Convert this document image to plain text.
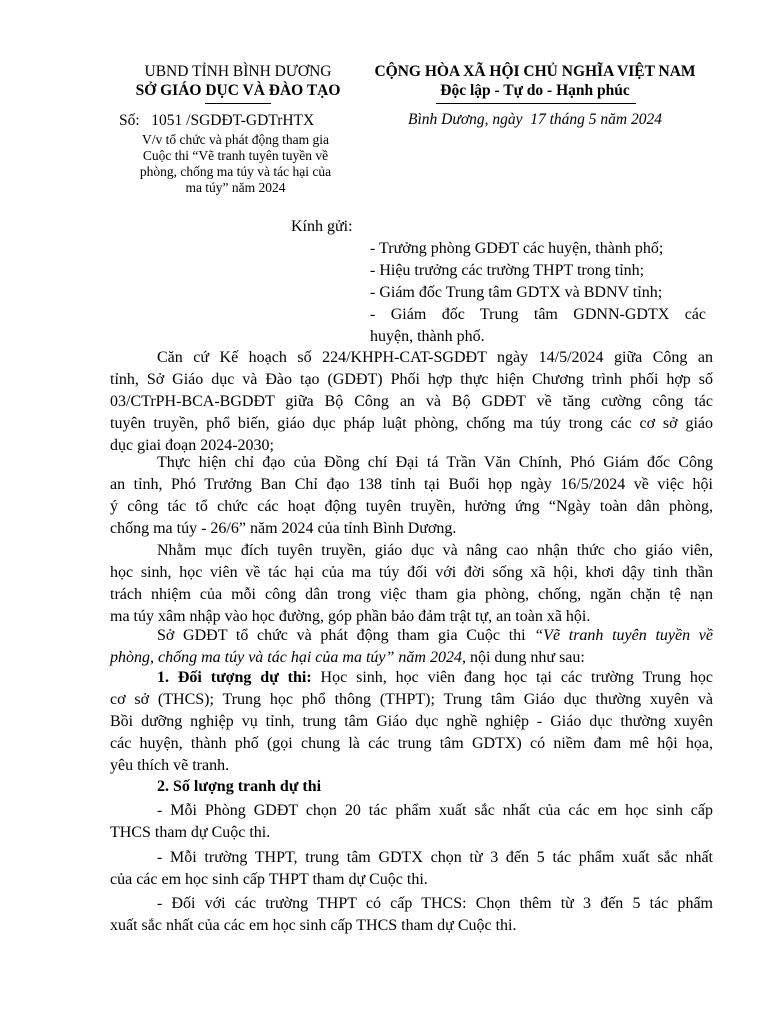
UBND TỈNH BÌNH DƯƠNG
SỞ GIÁO DỤC VÀ ĐÀO TẠO
CỘNG HÒA XÃ HỘI CHỦ NGHĨA VIỆT NAM
Độc lập - Tự do - Hạnh phúc
Số:   1051 /SGDĐT-GDTrHTX
V/v tổ chức và phát động tham gia
Cuộc thi “Vẽ tranh tuyên tuyền về
phòng, chống ma túy và tác hại của
ma túy” năm 2024
Bình Dương, ngày  17 tháng 5 năm 2024
Kính gửi:
- Trưởng phòng GDĐT các huyện, thành phố;
- Hiệu trưởng các trường THPT trong tỉnh;
- Giám đốc Trung tâm GDTX và BDNV tỉnh;
- Giám đốc Trung tâm GDNN-GDTX các
huyện, thành phố.
Căn cứ Kế hoạch số 224/KHPH-CAT-SGDĐT ngày 14/5/2024 giữa Công an
tỉnh, Sở Giáo dục và Đào tạo (GDĐT) Phối hợp thực hiện Chương trình phối hợp số
03/CTrPH-BCA-BGDĐT giữa Bộ Công an và Bộ GDĐT về tăng cường công tác
tuyên truyền, phổ biến, giáo dục pháp luật phòng, chống ma túy trong các cơ sở giáo
dục giai đoạn 2024-2030;
Thực hiện chỉ đạo của Đồng chí Đại tá Trần Văn Chính, Phó Giám đốc Công
an tỉnh, Phó Trưởng Ban Chỉ đạo 138 tỉnh tại Buổi họp ngày 16/5/2024 về việc hội
ý công tác tổ chức các hoạt động tuyên truyền, hưởng ứng “Ngày toàn dân phòng,
chống ma túy - 26/6” năm 2024 của tỉnh Bình Dương.
Nhằm mục đích tuyên truyền, giáo dục và nâng cao nhận thức cho giáo viên,
học sinh, học viên về tác hại của ma túy đối với đời sống xã hội, khơi dậy tinh thần
trách nhiệm của mỗi công dân trong việc tham gia phòng, chống, ngăn chặn tệ nạn
ma túy xâm nhập vào học đường, góp phần bảo đảm trật tự, an toàn xã hội.
Sở GDĐT tổ chức và phát động tham gia Cuộc thi “Vẽ tranh tuyên tuyền về
phòng, chống ma túy và tác hại của ma túy” năm 2024, nội dung như sau:
1. Đối tượng dự thi: Học sinh, học viên đang học tại các trường Trung học
cơ sở (THCS); Trung học phổ thông (THPT); Trung tâm Giáo dục thường xuyên và
Bồi dưỡng nghiệp vụ tỉnh, trung tâm Giáo dục nghề nghiệp - Giáo dục thường xuyên
các huyện, thành phố (gọi chung là các trung tâm GDTX) có niềm đam mê hội họa,
yêu thích vẽ tranh.
2. Số lượng tranh dự thi
- Mỗi Phòng GDĐT chọn 20 tác phẩm xuất sắc nhất của các em học sinh cấp
THCS tham dự Cuộc thi.
- Mỗi trường THPT, trung tâm GDTX chọn từ 3 đến 5 tác phẩm xuất sắc nhất
của các em học sinh cấp THPT tham dự Cuộc thi.
- Đối với các trường THPT có cấp THCS: Chọn thêm từ 3 đến 5 tác phẩm
xuất sắc nhất của các em học sinh cấp THCS tham dự Cuộc thi.
